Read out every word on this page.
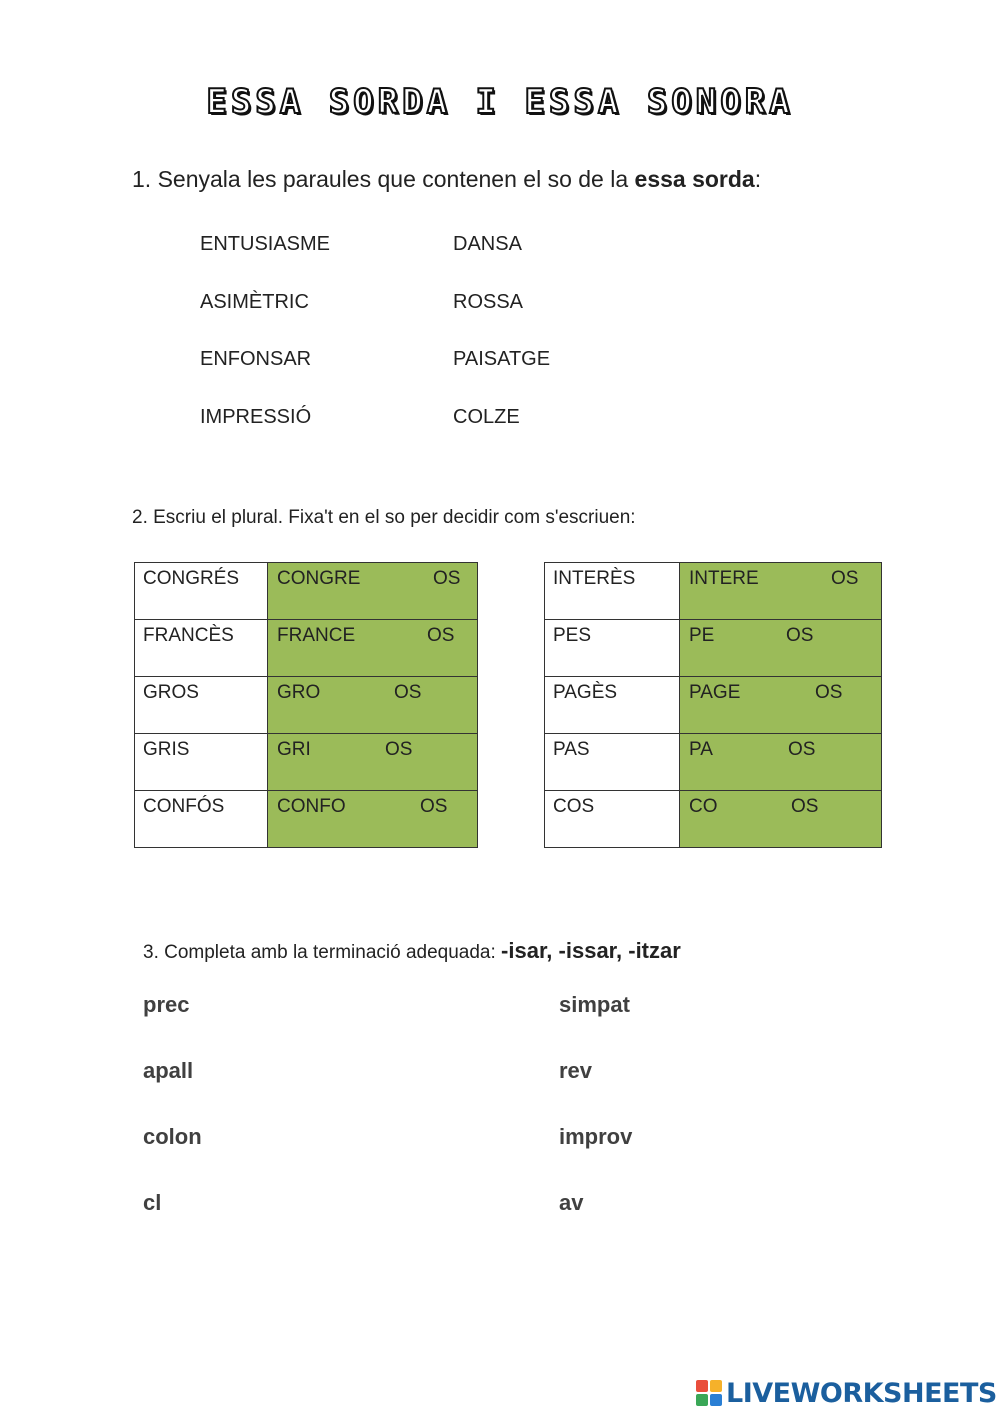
ESSA SORDA I ESSA SONORA
1. Senyala les paraules que contenen el so de la essa sorda:
ENTUSIASME
ASIMÈTRIC
ENFONSAR
IMPRESSIÓ
DANSA
ROSSA
PAISATGE
COLZE
2. Escriu el plural. Fixa't en el so per decidir com s'escriuen:
CONGRÉS	CONGRE OS

FRANCÈS	FRANCE OS

GROS	GRO OS

GRIS	GRI OS

CONFÓS	CONFO OS
INTERÈS	INTERE OS

PES	PE OS

PAGÈS	PAGE OS

PAS	PA OS

COS	CO OS
3. Completa amb la terminació adequada: -isar, -issar, -itzar
prec
apall
colon
cl
simpat
rev
improv
av
LIVEWORKSHEETS
